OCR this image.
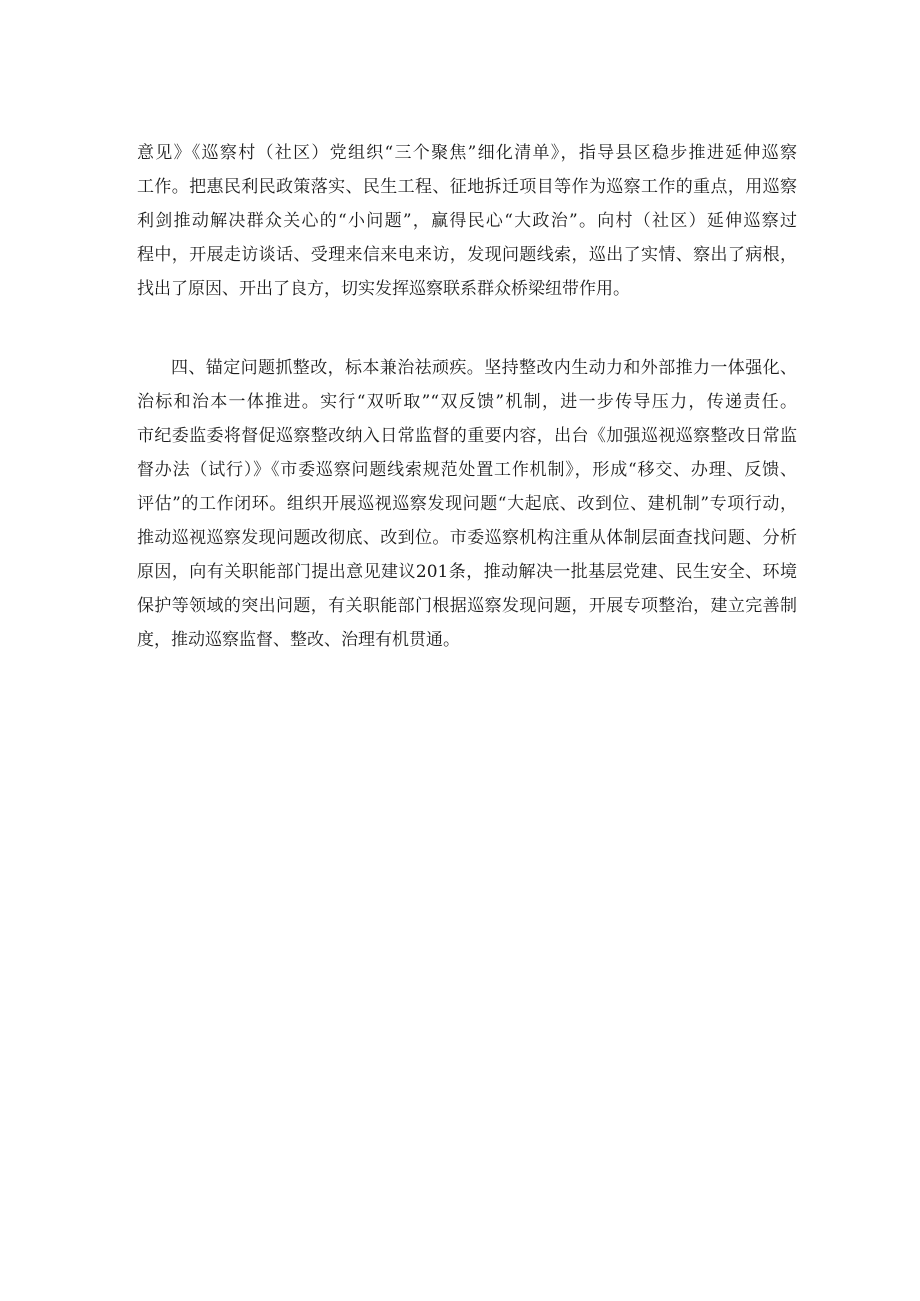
意见》《巡察村（社区）党组织“三个聚焦”细化清单》，指导县区稳步推进延伸巡察
工作。把惠民利民政策落实、民生工程、征地拆迁项目等作为巡察工作的重点，用巡察
利剑推动解决群众关心的“小问题”，赢得民心“大政治”。向村（社区）延伸巡察过
程中，开展走访谈话、受理来信来电来访，发现问题线索，巡出了实情、察出了病根，
找出了原因、开出了良方，切实发挥巡察联系群众桥梁纽带作用。
四、锚定问题抓整改，标本兼治祛顽疾。坚持整改内生动力和外部推力一体强化、
治标和治本一体推进。实行“双听取”“双反馈”机制，进一步传导压力，传递责任。
市纪委监委将督促巡察整改纳入日常监督的重要内容，出台《加强巡视巡察整改日常监
督办法（试行）》《市委巡察问题线索规范处置工作机制》，形成“移交、办理、反馈、
评估”的工作闭环。组织开展巡视巡察发现问题“大起底、改到位、建机制”专项行动，
推动巡视巡察发现问题改彻底、改到位。市委巡察机构注重从体制层面查找问题、分析
原因，向有关职能部门提出意见建议201条，推动解决一批基层党建、民生安全、环境
保护等领域的突出问题，有关职能部门根据巡察发现问题，开展专项整治，建立完善制
度，推动巡察监督、整改、治理有机贯通。
